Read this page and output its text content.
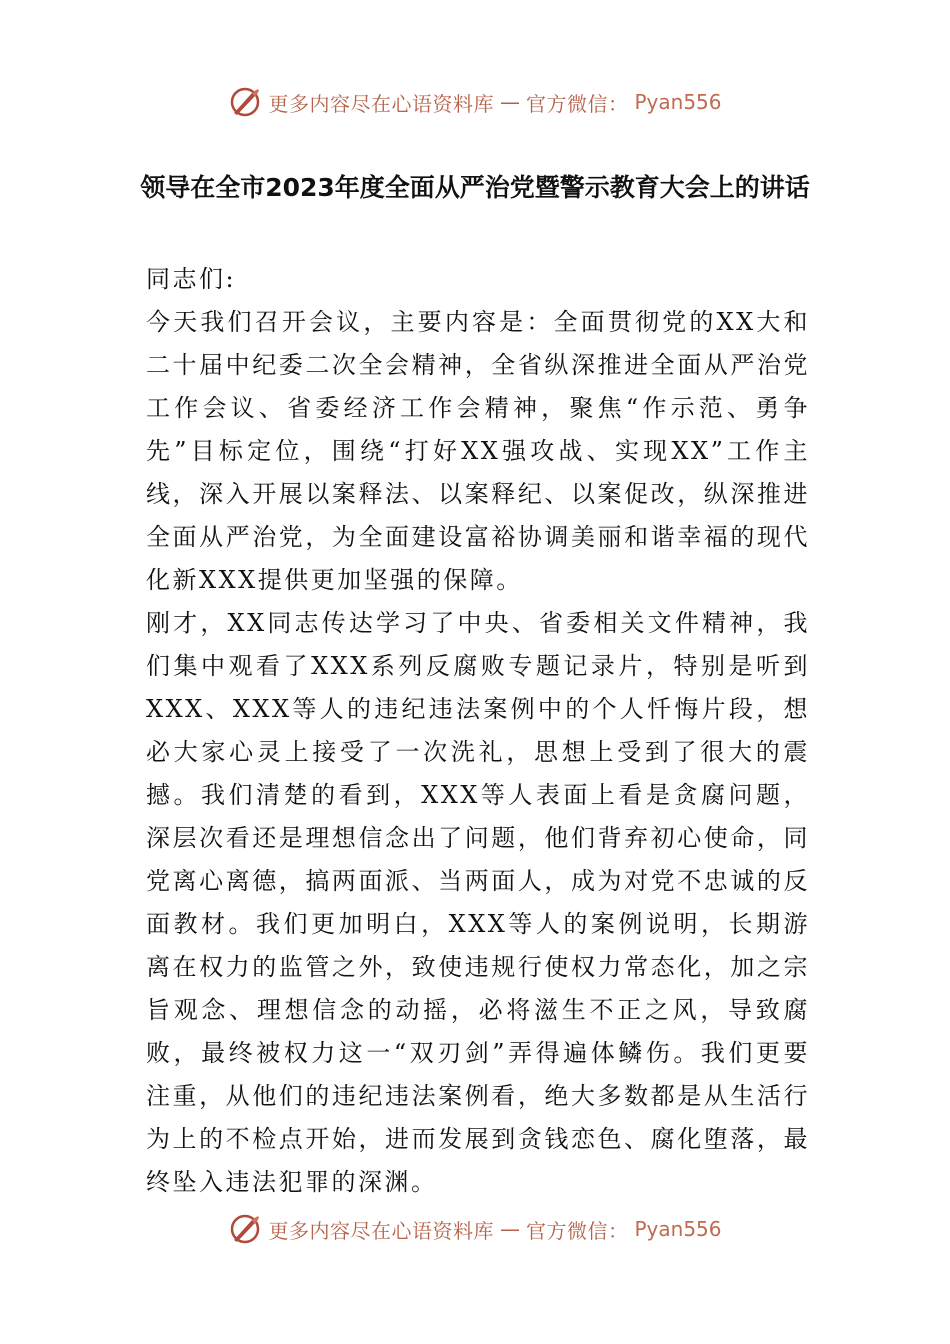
更多内容尽在心语资料库 — 官方微信： Pyan556
领导在全市2023年度全面从严治党暨警示教育大会上的讲话

同志们:

今天我们召开会议，主要内容是：全面贯彻党的XX大和二十届中纪委二次全会精神，全省纵深推进全面从严治党工作会议、省委经济工作会精神，聚焦“作示范、勇争先”目标定位，围绕“打好XX强攻战、实现XX”工作主线，深入开展以案释法、以案释纪、以案促改，纵深推进全面从严治党，为全面建设富裕协调美丽和谐幸福的现代化新XXX提供更加坚强的保障。

刚才，XX同志传达学习了中央、省委相关文件精神，我们集中观看了XXX系列反腐败专题记录片，特别是听到XXX、XXX等人的违纪违法案例中的个人忏悔片段，想必大家心灵上接受了一次洗礼，思想上受到了很大的震撼。我们清楚的看到，XXX等人表面上看是贪腐问题，深层次看还是理想信念出了问题，他们背弃初心使命，同党离心离德，搞两面派、当两面人，成为对党不忠诚的反面教材。我们更加明白，XXX等人的案例说明，长期游离在权力的监管之外，致使违规行使权力常态化，加之宗旨观念、理想信念的动摇，必将滋生不正之风，导致腐败，最终被权力这一“双刃剑”弄得遍体鳞伤。我们更要注重，从他们的违纪违法案例看，绝大多数都是从生活行为上的不检点开始，进而发展到贪钱恋色、腐化堕落，最终坠入违法犯罪的深渊。

更多内容尽在心语资料库 — 官方微信： Pyan556
